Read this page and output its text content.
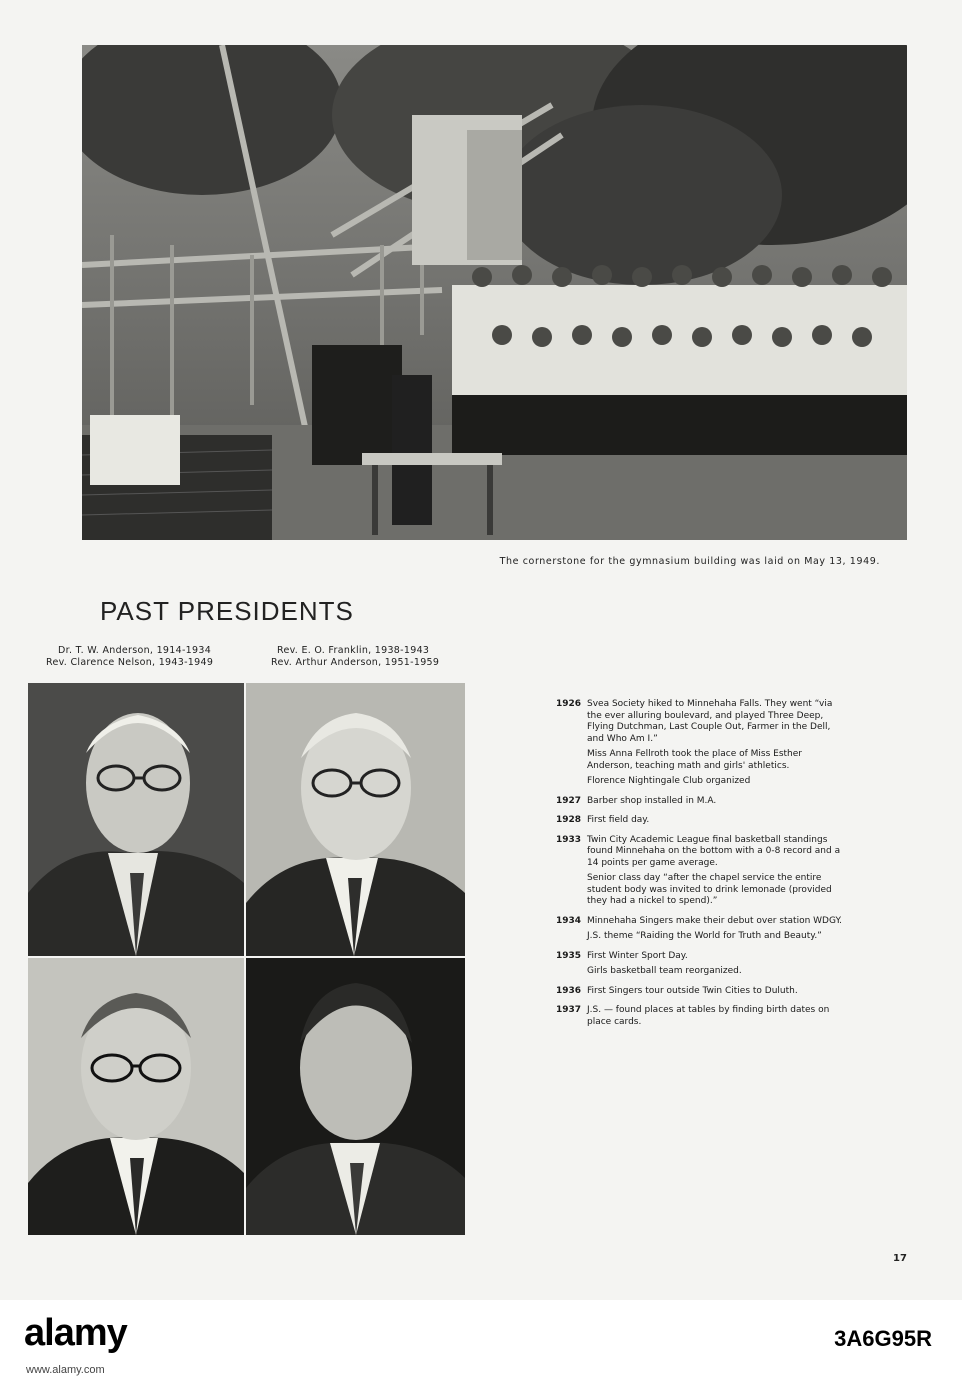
The cornerstone for the gymnasium building was laid on May 13, 1949.
PAST PRESIDENTS
Dr. T. W. Anderson, 1914-1934
Rev. Clarence Nelson, 1943-1949
Rev. E. O. Franklin, 1938-1943
Rev. Arthur Anderson, 1951-1959
1926 Svea Society hiked to Minnehaha Falls. They went “via the ever alluring boulevard, and played Three Deep, Flying Dutchman, Last Couple Out, Farmer in the Dell, and Who Am I.”
Miss Anna Fellroth took the place of Miss Esther Anderson, teaching math and girls' athletics.
Florence Nightingale Club organized
1927 Barber shop installed in M.A.
1928 First field day.
1933 Twin City Academic League final basketball standings found Minnehaha on the bottom with a 0-8 record and a 14 points per game average.
Senior class day “after the chapel service the entire student body was invited to drink lemonade (provided they had a nickel to spend).”
1934 Minnehaha Singers make their debut over station WDGY.
J.S. theme “Raiding the World for Truth and Beauty.”
1935 First Winter Sport Day.
Girls basketball team reorganized.
1936 First Singers tour outside Twin Cities to Duluth.
1937 J.S. — found places at tables by finding birth dates on place cards.
17
alamy	3A6G95R
www.alamy.com
